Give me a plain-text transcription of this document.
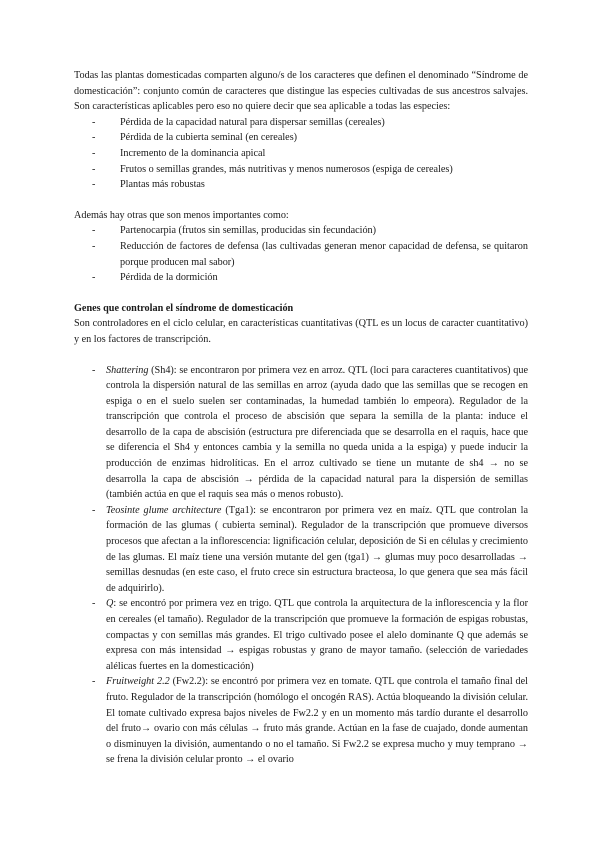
Todas las plantas domesticadas comparten alguno/s de los caracteres que definen el denominado “Síndrome de domesticación”: conjunto común de caracteres que distingue las especies cultivadas de sus ancestros salvajes. Son características aplicables pero eso no quiere decir que sea aplicable a todas las especies:

- Pérdida de la capacidad natural para dispersar semillas (cereales)
- Pérdida de la cubierta seminal (en cereales)
- Incremento de la dominancia apical
- Frutos o semillas grandes, más nutritivas y menos numerosos (espiga de cereales)
- Plantas más robustas

Además hay otras que son menos importantes como:

- Partenocarpia (frutos sin semillas, producidas sin fecundación)
- Reducción de factores de defensa (las cultivadas generan menor capacidad de defensa, se quitaron porque producen mal sabor)
- Pérdida de la dormición
Genes que controlan el síndrome de domesticación

Son controladores en el ciclo celular, en características cuantitativas (QTL es un locus de caracter cuantitativo) y en los factores de transcripción.

- Shattering (Sh4): se encontraron por primera vez en arroz. QTL (loci para caracteres cuantitativos) que controla la dispersión natural de las semillas en arroz (ayuda dado que las semillas que se recogen en espiga o en el suelo suelen ser contaminadas, la humedad también lo empeora). Regulador de la transcripción que controla el proceso de abscisión que separa la semilla de la planta: induce el desarrollo de la capa de abscisión (estructura pre diferenciada que se desarrolla en el raquis, hace que se diferencia el Sh4 y entonces cambia y la semilla no queda unida a la espiga) y puede inducir la producción de enzimas hidrolíticas. En el arroz cultivado se tiene un mutante de sh4 → no se desarrolla la capa de abscisión → pérdida de la capacidad natural para la dispersión de semillas (también actúa en que el raquis sea más o menos robusto).
- Teosinte glume architecture (Tga1): se encontraron por primera vez en maíz. QTL que controlan la formación de las glumas ( cubierta seminal). Regulador de la transcripción que promueve diversos procesos que afectan a la inflorescencia: lignificación celular, deposición de Si en células y crecimiento de las glumas. El maíz tiene una versión mutante del gen (tga1) → glumas muy poco desarrolladas → semillas desnudas (en este caso, el fruto crece sin estructura bracteosa, lo que genera que sea más fácil de adquirirlo).
- Q: se encontró por primera vez en trigo. QTL que controla la arquitectura de la inflorescencia y la flor en cereales (el tamaño). Regulador de la transcripción que promueve la formación de espigas robustas, compactas y con semillas más grandes. El trigo cultivado posee el alelo dominante Q que además se expresa con más intensidad → espigas robustas y grano de mayor tamaño. (selección de variedades alélicas fuertes en la domesticación)
- Fruitweight 2.2 (Fw2.2): se encontró por primera vez en tomate. QTL que controla el tamaño final del fruto. Regulador de la transcripción (homólogo el oncogén RAS). Actúa bloqueando la división celular. El tomate cultivado expresa bajos niveles de Fw2.2 y en un momento más tardío durante el desarrollo del fruto→ ovario con más células → fruto más grande. Actúan en la fase de cuajado, donde aumentan o disminuyen la división, aumentando o no el tamaño. Si Fw2.2 se expresa mucho y muy temprano → se frena la división celular pronto → el ovario
